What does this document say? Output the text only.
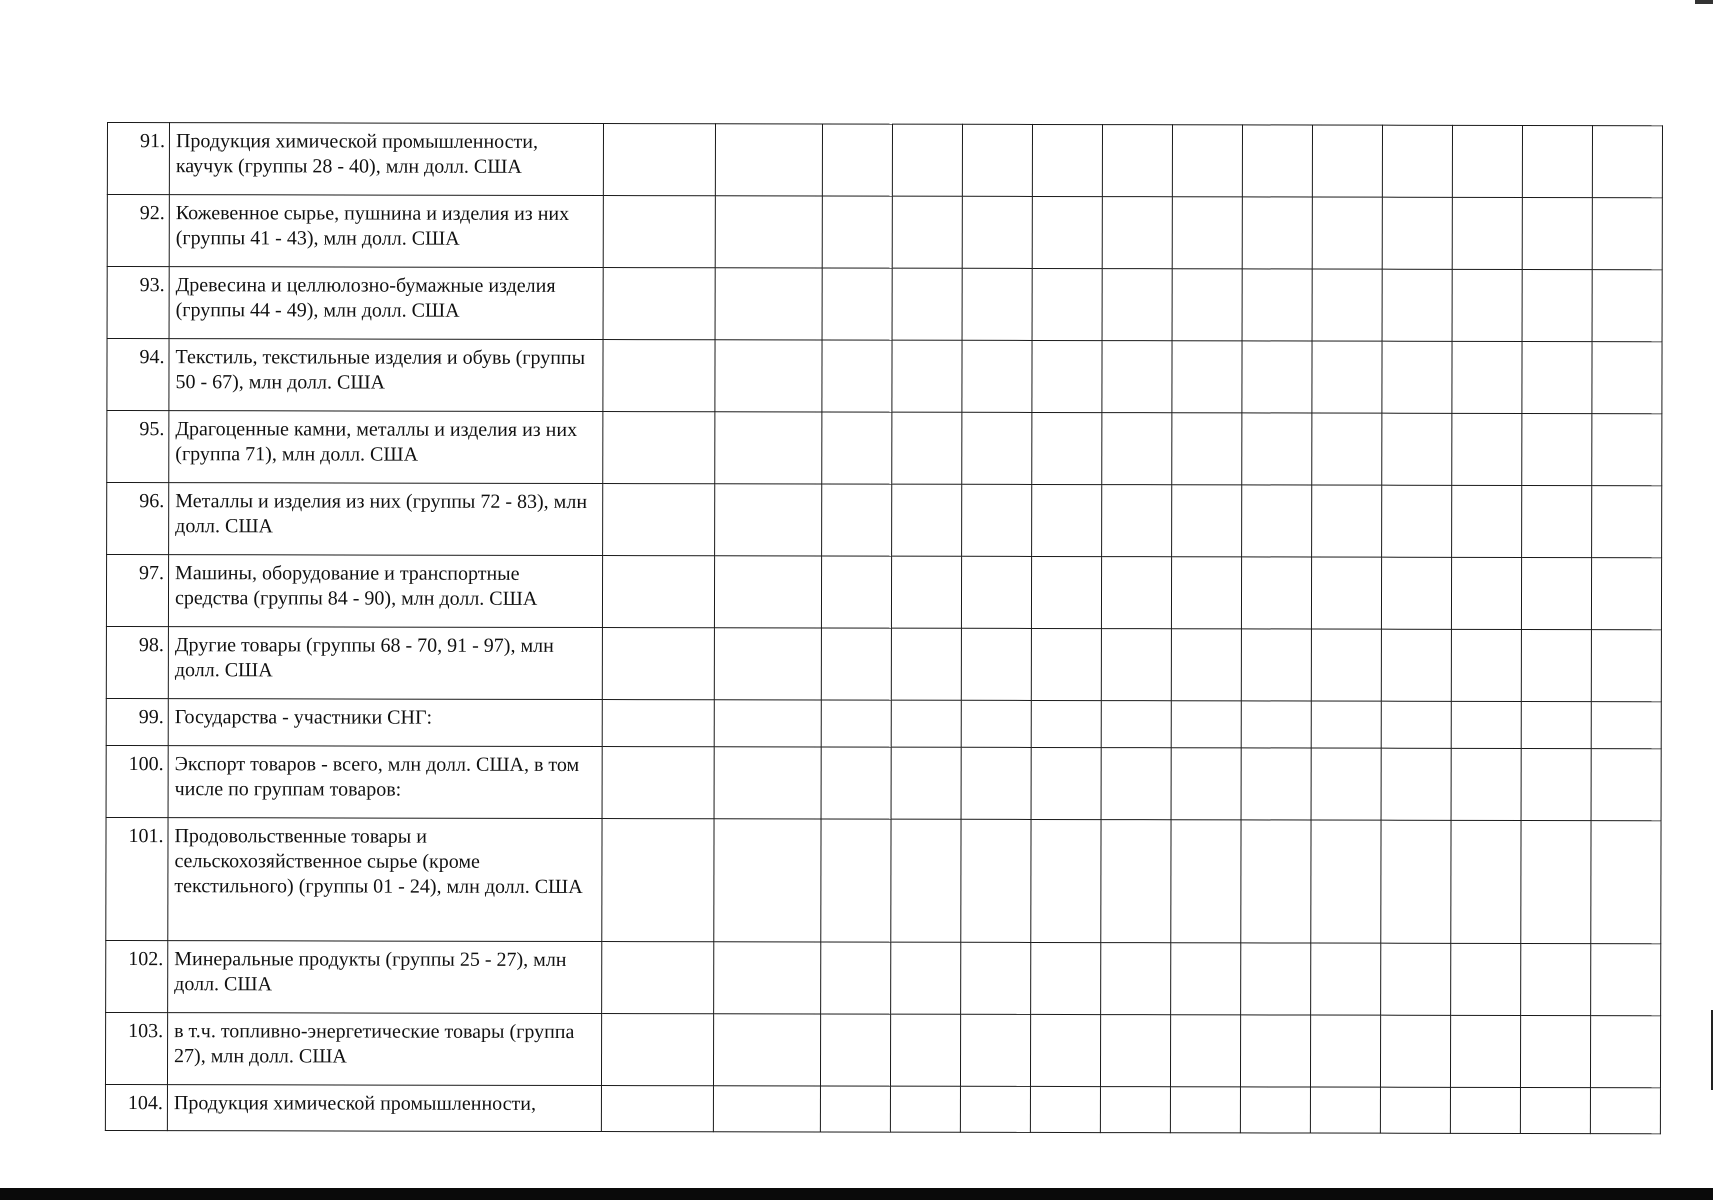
91.	Продукция химической промышленности, каучук (группы 28 - 40), млн долл. США														
92.	Кожевенное сырье, пушнина и изделия из них (группы 41 - 43), млн долл. США														
93.	Древесина и целлюлозно-бумажные изделия (группы 44 - 49), млн долл. США														
94.	Текстиль, текстильные изделия и обувь (группы 50 - 67), млн долл. США														
95.	Драгоценные камни, металлы и изделия из них (группа 71), млн долл. США														
96.	Металлы и изделия из них (группы 72 - 83), млн долл. США														
97.	Машины, оборудование и транспортные средства (группы 84 - 90), млн долл. США														
98.	Другие товары (группы 68 - 70, 91 - 97), млн долл. США														
99.	Государства - участники СНГ:														
100.	Экспорт товаров - всего, млн долл. США, в том числе по группам товаров:														
101.	Продовольственные товары и сельскохозяйственное сырье (кроме текстильного) (группы 01 - 24), млн долл. США														
102.	Минеральные продукты (группы 25 - 27), млн долл. США														
103.	в т.ч. топливно-энергетические товары (группа 27), млн долл. США														
104.	Продукция химической промышленности,														
